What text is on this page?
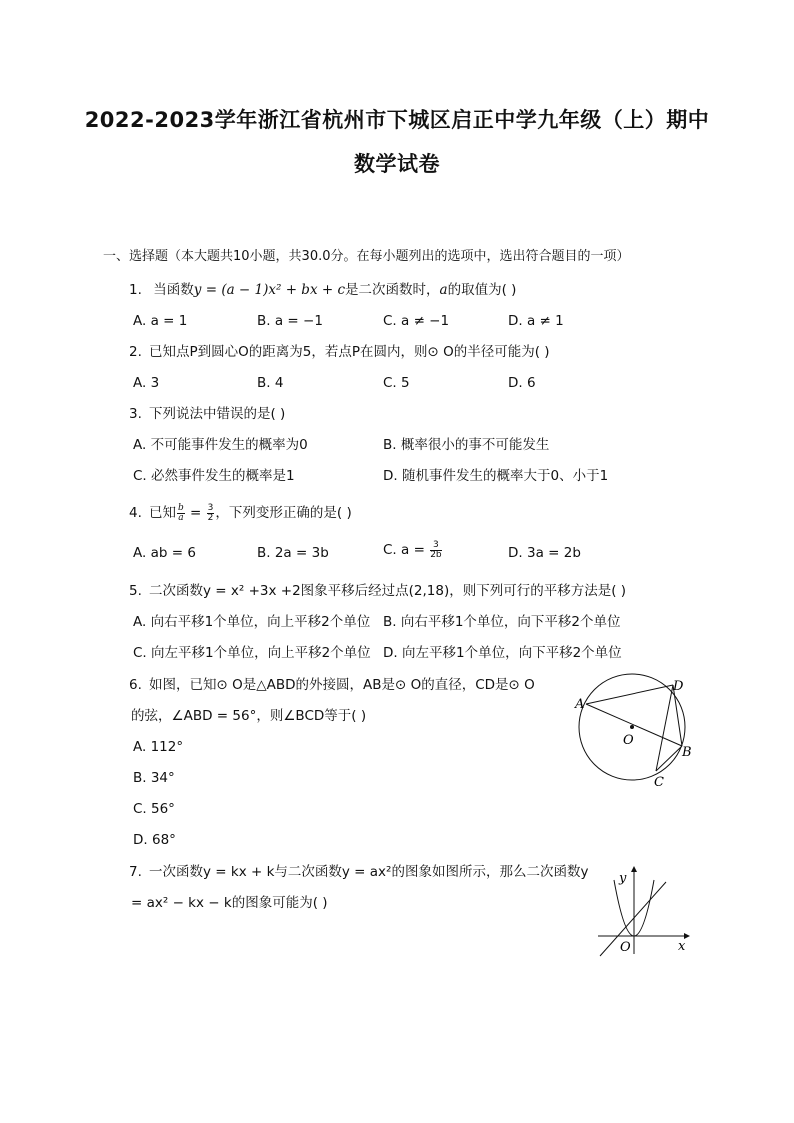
2022-2023学年浙江省杭州市下城区启正中学九年级（上）期中
数学试卷
一、选择题（本大题共10小题，共30.0分。在每小题列出的选项中，选出符合题目的一项）
1. 当函数y = (a − 1)x² + bx + c是二次函数时，a的取值为( )
A. a = 1	B. a = −1	C. a ≠ −1	D. a ≠ 1
2. 已知点P到圆心O的距离为5，若点P在圆内，则⊙ O的半径可能为( )
A. 3	B. 4	C. 5	D. 6
3. 下列说法中错误的是( )
A. 不可能事件发生的概率为0	B. 概率很小的事不可能发生
C. 必然事件发生的概率是1	D. 随机事件发生的概率大于0、小于1
4. 已知 $\frac{b}{a} = \frac{3}{2}$ ，下列变形正确的是( )
A. ab = 6	B. 2a = 3b	C. $a = \frac{3}{2b}$	D. 3a = 2b
5. 二次函数y = x² +3x +2图象平移后经过点(2,18)，则下列可行的平移方法是( )
A. 向右平移1个单位，向上平移2个单位 B. 向右平移1个单位，向下平移2个单位
C. 向左平移1个单位，向上平移2个单位 D. 向左平移1个单位，向下平移2个单位
6. 如图，已知⊙ O是△ABD的外接圆，AB是⊙ O的直径，CD是⊙ O
的弦，∠ABD = 56°，则∠BCD等于( )
A. 112°
B. 34°
C. 56°
D. 68°
A
D
O
B
C
7. 一次函数y = kx + k与二次函数y = ax²的图象如图所示，那么二次函数y
= ax² − kx − k的图象可能为( )
y
x
O
